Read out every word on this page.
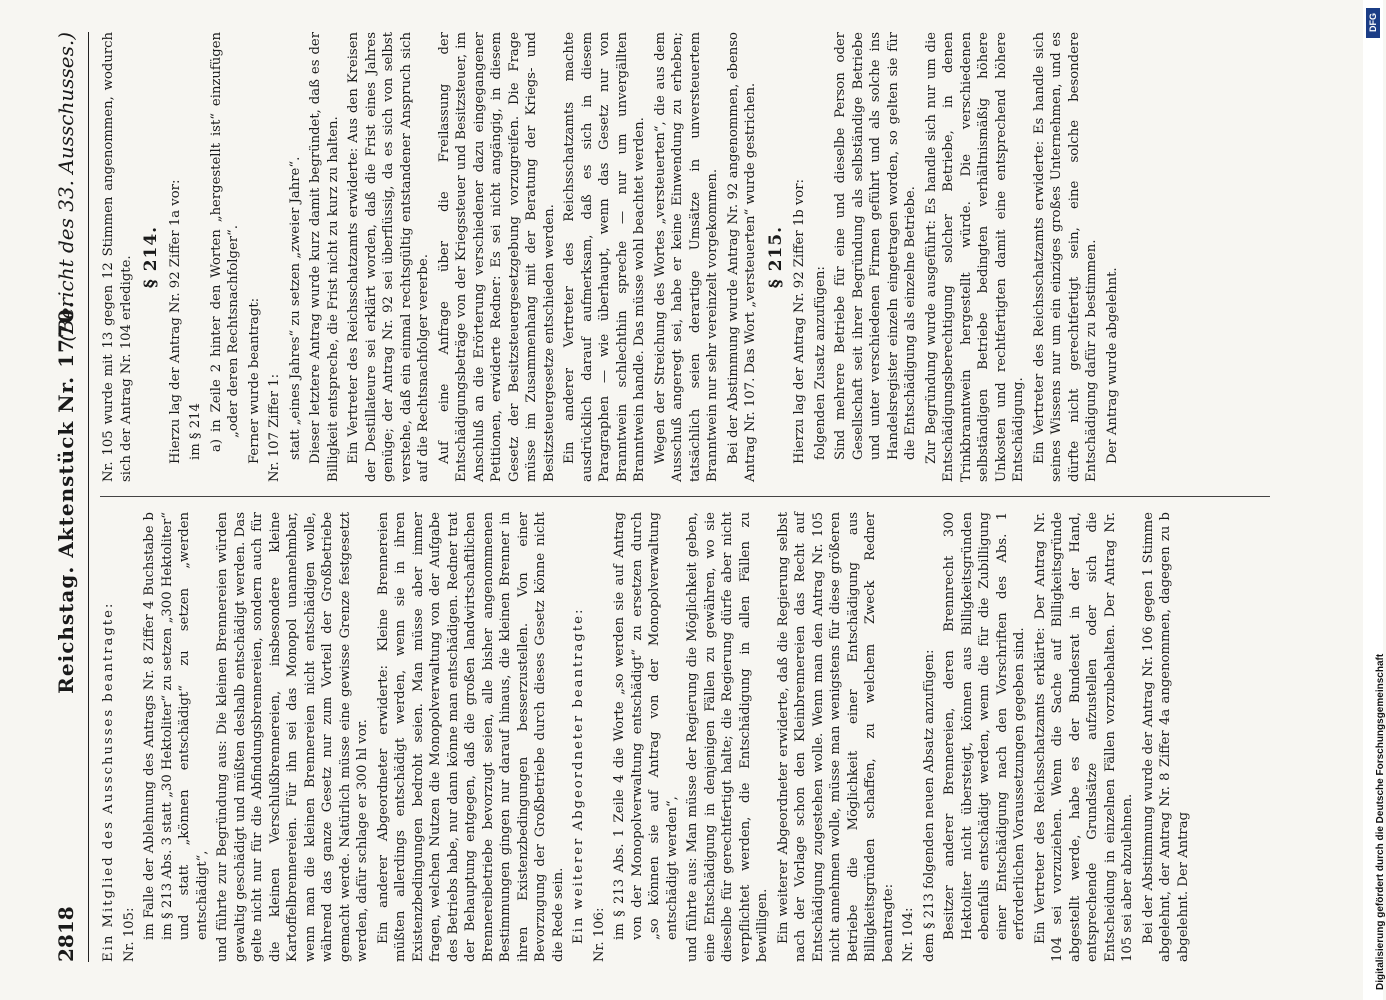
2818
Reichstag. Aktenstück Nr. 1770.
(Bericht des 33. Ausschusses.)

Ein Mitglied des Ausschusses beantragte: Nr. 105: im Falle der Ablehnung des Antrags Nr. 8 Ziffer 4 Buchstabe b im § 213 Abs. 3 statt „30 Hektoliter“ zu setzen „300 Hektoliter“ und statt „können entschädigt“ zu setzen „werden entschädigt“, und führte zur Begründung aus: Die kleinen Brennereien würden gewaltig geschädigt und müßten deshalb entschädigt werden. Das gelte nicht nur für die Abfindungsbrennereien, sondern auch für die kleinen Verschlußbrennereien, insbesondere kleine Kartoffelbrennereien. Für ihn sei das Monopol unannehmbar, wenn man die kleinen Brennereien nicht entschädigen wolle, während das ganze Gesetz nur zum Vorteil der Großbetriebe gemacht werde. Natürlich müsse eine gewisse Grenze festgesetzt werden, dafür schlage er 300 hl vor. Ein anderer Abgeordneter erwiderte: Kleine Brennereien müßten allerdings entschädigt werden, wenn sie in ihren Existenzbedingungen bedroht seien. Man müsse aber immer fragen, welchen Nutzen die Monopolverwaltung von der Aufgabe des Betriebs habe, nur dann könne man entschädigen. Redner trat der Behauptung entgegen, daß die großen landwirtschaftlichen Brennereibetriebe bevorzugt seien, alle bisher angenommenen Bestimmungen gingen nur darauf hinaus, die kleinen Brenner in ihren Existenzbedingungen besserzustellen. Von einer Bevorzugung der Großbetriebe durch dieses Gesetz könne nicht die Rede sein. Ein weiterer Abgeordneter beantragte: Nr. 106: im § 213 Abs. 1 Zeile 4 die Worte „so werden sie auf Antrag von der Monopolverwaltung entschädigt“ zu ersetzen durch „so können sie auf Antrag von der Monopolverwaltung entschädigt werden“, und führte aus: Man müsse der Regierung die Möglichkeit geben, eine Entschädigung in denjenigen Fällen zu gewähren, wo sie dieselbe für gerechtfertigt halte; die Regierung dürfe aber nicht verpflichtet werden, die Entschädigung in allen Fällen zu bewilligen. Ein weiterer Abgeordneter erwiderte, daß die Regierung selbst nach der Vorlage schon den Kleinbrennereien das Recht auf Entschädigung zugestehen wolle. Wenn man den Antrag Nr. 105 nicht annehmen wolle, müsse man wenigstens für diese größeren Betriebe die Möglichkeit einer Entschädigung aus Billigkeitsgründen schaffen, zu welchem Zweck Redner beantragte: Nr. 104: dem § 213 folgenden neuen Absatz anzufügen: Besitzer anderer Brennereien, deren Brennrecht 300 Hektoliter nicht übersteigt, können aus Billigkeitsgründen ebenfalls entschädigt werden, wenn die für die Zubilligung einer Entschädigung nach den Vorschriften des Abs. 1 erforderlichen Voraussetzungen gegeben sind. Ein Vertreter des Reichsschatzamts erklärte: Der Antrag Nr. 104 sei vorzuziehen. Wenn die Sache auf Billigkeitsgründe abgestellt werde, habe es der Bundesrat in der Hand, entsprechende Grundsätze aufzustellen oder sich die Entscheidung in einzelnen Fällen vorzubehalten. Der Antrag Nr. 105 sei aber abzulehnen. Bei der Abstimmung wurde der Antrag Nr. 106 gegen 1 Stimme abgelehnt, der Antrag Nr. 8 Ziffer 4a angenommen, dagegen zu b abgelehnt. Der Antrag

Nr. 105 wurde mit 13 gegen 12 Stimmen angenommen, wodurch sich der Antrag Nr. 104 erledigte. § 214. Hierzu lag der Antrag Nr. 92 Ziffer 1a vor: im § 214 a) in Zeile 2 hinter den Worten „hergestellt ist“ einzufügen „oder deren Rechtsnachfolger“. Ferner wurde beantragt: Nr. 107 Ziffer 1: statt „eines Jahres“ zu setzen „zweier Jahre“. Dieser letztere Antrag wurde kurz damit begründet, daß es der Billigkeit entspreche, die Frist nicht zu kurz zu halten. Ein Vertreter des Reichsschatzamts erwiderte: Aus den Kreisen der Destillateure sei erklärt worden, daß die Frist eines Jahres genüge; der Antrag Nr. 92 sei überflüssig, da es sich von selbst verstehe, daß ein einmal rechtsgültig entstandener Anspruch sich auf die Rechtsnachfolger vererbe. Auf eine Anfrage über die Freilassung der Entschädigungsbeträge von der Kriegssteuer und Besitzsteuer, im Anschluß an die Erörterung verschiedener dazu eingegangener Petitionen, erwiderte Redner: Es sei nicht angängig, in diesem Gesetz der Besitzsteuergesetzgebung vorzugreifen. Die Frage müsse im Zusammenhang mit der Beratung der Kriegs- und Besitzsteuergesetze entschieden werden. Ein anderer Vertreter des Reichsschatzamts machte ausdrücklich darauf aufmerksam, daß es sich in diesem Paragraphen — wie überhaupt, wenn das Gesetz nur von Branntwein schlechthin spreche — nur um unvergällten Branntwein handle. Das müsse wohl beachtet werden. Wegen der Streichung des Wortes „versteuerten“, die aus dem Ausschuß angeregt sei, habe er keine Einwendung zu erheben; tatsächlich seien derartige Umsätze in unversteuertem Branntwein nur sehr vereinzelt vorgekommen. Bei der Abstimmung wurde Antrag Nr. 92 angenommen, ebenso Antrag Nr. 107. Das Wort „versteuerten“ wurde gestrichen. § 215. Hierzu lag der Antrag Nr. 92 Ziffer 1b vor: folgenden Zusatz anzufügen: Sind mehrere Betriebe für eine und dieselbe Person oder Gesellschaft seit ihrer Begründung als selbständige Betriebe und unter verschiedenen Firmen geführt und als solche ins Handelsregister einzeln eingetragen worden, so gelten sie für die Entschädigung als einzelne Betriebe. Zur Begründung wurde ausgeführt: Es handle sich nur um die Entschädigungsberechtigung solcher Betriebe, in denen Trinkbranntwein hergestellt würde. Die verschiedenen selbständigen Betriebe bedingten verhältnismäßig höhere Unkosten und rechtfertigten damit eine entsprechend höhere Entschädigung. Ein Vertreter des Reichsschatzamts erwiderte: Es handle sich seines Wissens nur um ein einziges großes Unternehmen, und es dürfte nicht gerechtfertigt sein, eine solche besondere Entschädigung dafür zu bestimmen. Der Antrag wurde abgelehnt.

DFG
Digitalisierung gefördert durch die Deutsche Forschungsgemeinschaft
